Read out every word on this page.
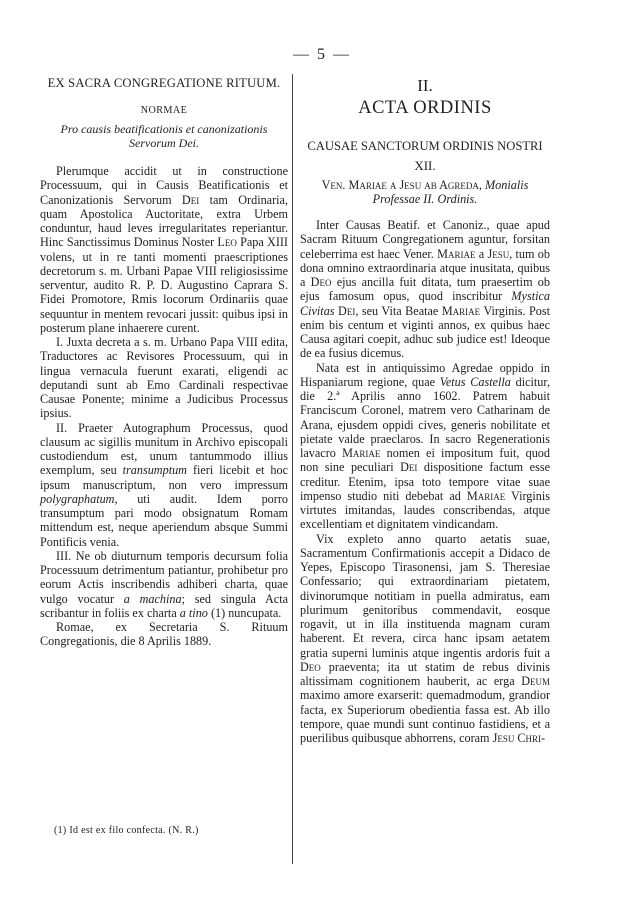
— 5 —
EX SACRA CONGREGATIONE RITUUM.
NORMAE
Pro causis beatificationis et canonizationis
Servorum Dei.

Plerumque accidit ut in constructione Processuum, qui in Causis Beatificationis et Canonizationis Servorum Dei tam Ordinaria, quam Apostolica Auctoritate, extra Urbem conduntur, haud leves irregularitates reperiantur. Hinc Sanctissimus Dominus Noster Leo Papa XIII volens, ut in re tanti momenti praescriptiones decretorum s. m. Urbani Papae VIII religiosissime serventur, audito R. P. D. Augustino Caprara S. Fidei Promotore, Rmis locorum Ordinariis quae sequuntur in mentem revocari jussit: quibus ipsi in posterum plane inhaerere curent.

I. Juxta decreta a s. m. Urbano Papa VIII edita, Traductores ac Revisores Processuum, qui in lingua vernacula fuerunt exarati, eligendi ac deputandi sunt ab Emo Cardinali respectivae Causae Ponente; minime a Judicibus Processus ipsius.

II. Praeter Autographum Processus, quod clausum ac sigillis munitum in Archivo episcopali custodiendum est, unum tantummodo illius exemplum, seu transumptum fieri licebit et hoc ipsum manuscriptum, non vero impressum polygraphatum, uti audit. Idem porro transumptum pari modo obsignatum Romam mittendum est, neque aperiendum absque Summi Pontificis venia.

III. Ne ob diuturnum temporis decursum folia Processuum detrimentum patiantur, prohibetur pro eorum Actis inscribendis adhiberi charta, quae vulgo vocatur a machina; sed singula Acta scribantur in foliis ex charta a tino (1) nuncupata.

Romae, ex Secretaria S. Rituum Congregationis, die 8 Aprilis 1889.

(1) Id est ex filo confecta. (N. R.)
II.
ACTA ORDINIS
CAUSAE SANCTORUM ORDINIS NOSTRI
XII.
Ven. Mariae a Jesu ab Agreda, Monialis
Professae II. Ordinis.

Inter Causas Beatif. et Canoniz., quae apud Sacram Rituum Congregationem aguntur, forsitan celeberrima est haec Vener. Mariae a Jesu, tum ob dona omnino extraordinaria atque inusitata, quibus a Deo ejus ancilla fuit ditata, tum praesertim ob ejus famosum opus, quod inscribitur Mystica Civitas Dei, seu Vita Beatae Mariae Virginis. Post enim bis centum et viginti annos, ex quibus haec Causa agitari coepit, adhuc sub judice est! Ideoque de ea fusius dicemus.

Nata est in antiquissimo Agredae oppido in Hispaniarum regione, quae Vetus Castella dicitur, die 2.ª Aprilis anno 1602. Patrem habuit Franciscum Coronel, matrem vero Catharinam de Arana, ejusdem oppidi cives, generis nobilitate et pietate valde praeclaros. In sacro Regenerationis lavacro Mariae nomen ei impositum fuit, quod non sine peculiari Dei dispositione factum esse creditur. Etenim, ipsa toto tempore vitae suae impenso studio niti debebat ad Mariae Virginis virtutes imitandas, laudes conscribendas, atque excellentiam et dignitatem vindicandam.

Vix expleto anno quarto aetatis suae, Sacramentum Confirmationis accepit a Didaco de Yepes, Episcopo Tirasonensi, jam S. Theresiae Confessario; qui extraordinariam pietatem, divinorumque notitiam in puella admiratus, eam plurimum genitoribus commendavit, eosque rogavit, ut in illa instituenda magnam curam haberent. Et revera, circa hanc ipsam aetatem gratia superni luminis atque ingentis ardoris fuit a Deo praeventa; ita ut statim de rebus divinis altissimam cognitionem hauberit, ac erga Deum maximo amore exarserit: quemadmodum, grandior facta, ex Superiorum obedientia fassa est. Ab illo tempore, quae mundi sunt continuo fastidiens, et a puerilibus quibusque abhorrens, coram Jesu Chri-
